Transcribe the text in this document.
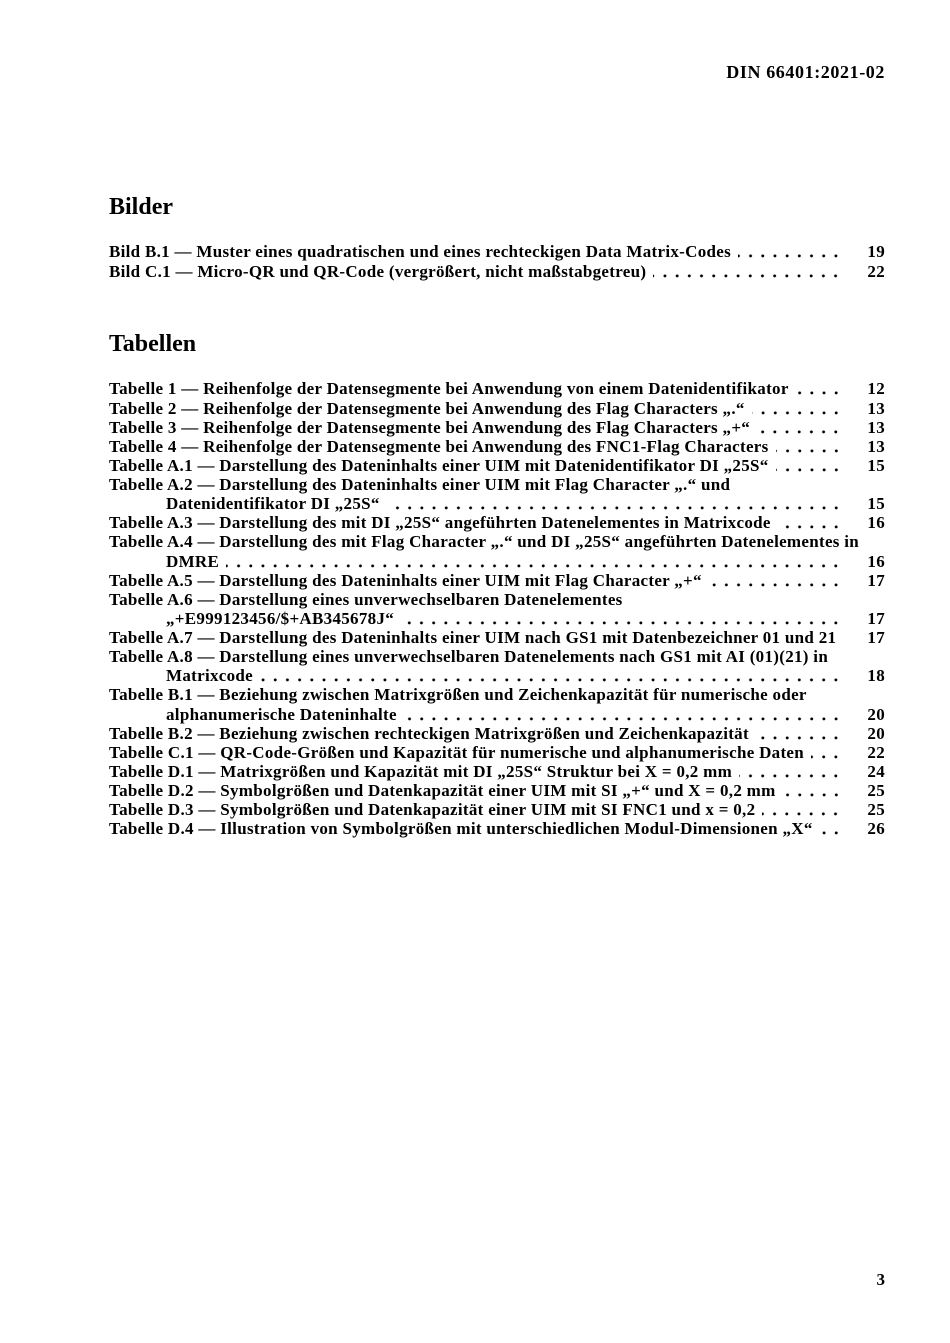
DIN 66401:2021-02
Bilder
Bild B.1 — Muster eines quadratischen und eines rechteckigen Data Matrix-Codes	19
Bild C.1 — Micro-QR und QR-Code (vergrößert, nicht maßstabgetreu)	22
Tabellen
Tabelle 1 — Reihenfolge der Datensegmente bei Anwendung von einem Datenidentifikator	12
Tabelle 2 — Reihenfolge der Datensegmente bei Anwendung des Flag Characters „.“	13
Tabelle 3 — Reihenfolge der Datensegmente bei Anwendung des Flag Characters „+“	13
Tabelle 4 — Reihenfolge der Datensegmente bei Anwendung des FNC1-Flag Characters	13
Tabelle A.1 — Darstellung des Dateninhalts einer UIM mit Datenidentifikator DI „25S“	15
Tabelle A.2 — Darstellung des Dateninhalts einer UIM mit Flag Character „.“ und
Datenidentifikator DI „25S“	15
Tabelle A.3 — Darstellung des mit DI „25S“ angeführten Datenelementes in Matrixcode	16
Tabelle A.4 — Darstellung des mit Flag Character „.“ und DI „25S“ angeführten Datenelementes in
DMRE	16
Tabelle A.5 — Darstellung des Dateninhalts einer UIM mit Flag Character „+“	17
Tabelle A.6 — Darstellung eines unverwechselbaren Datenelementes
„+E999123456/$+AB345678J“	17
Tabelle A.7 — Darstellung des Dateninhalts einer UIM nach GS1 mit Datenbezeichner 01 und 21	17
Tabelle A.8 — Darstellung eines unverwechselbaren Datenelements nach GS1 mit AI (01)(21) in
Matrixcode	18
Tabelle B.1 — Beziehung zwischen Matrixgrößen und Zeichenkapazität für numerische oder
alphanumerische Dateninhalte	20
Tabelle B.2 — Beziehung zwischen rechteckigen Matrixgrößen und Zeichenkapazität	20
Tabelle C.1 — QR-Code-Größen und Kapazität für numerische und alphanumerische Daten	22
Tabelle D.1 — Matrixgrößen und Kapazität mit DI „25S“ Struktur bei X = 0,2 mm	24
Tabelle D.2 — Symbolgrößen und Datenkapazität einer UIM mit SI „+“ und X = 0,2 mm	25
Tabelle D.3 — Symbolgrößen und Datenkapazität einer UIM mit SI FNC1 und x = 0,2	25
Tabelle D.4 — Illustration von Symbolgrößen mit unterschiedlichen Modul-Dimensionen „X“	26
3
